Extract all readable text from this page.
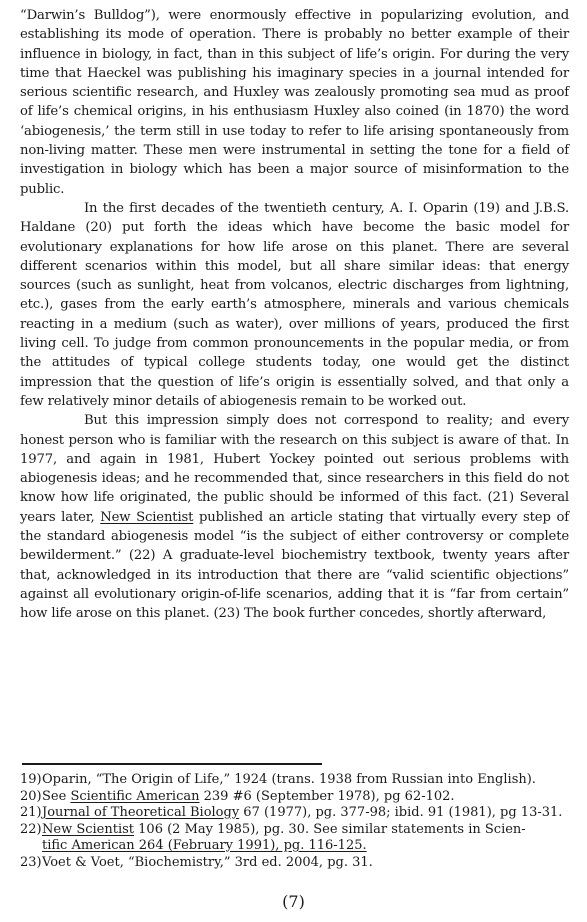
“Darwin’s Bulldog”), were enormously effective in popularizing evolution, and establishing its mode of operation. There is probably no better example of their influence in biology, in fact, than in this subject of life’s origin. For during the very time that Haeckel was publishing his imaginary species in a journal intended for serious scientific research, and Huxley was zealously promoting sea mud as proof of life’s chemical origins, in his enthusiasm Huxley also coined (in 1870) the word ‘abiogenesis,’ the term still in use today to refer to life arising spontaneously from non-living matter. These men were instrumental in setting the tone for a field of investigation in biology which has been a major source of misinformation to the public.

In the first decades of the twentieth century, A. I. Oparin (19) and J.B.S. Haldane (20) put forth the ideas which have become the basic model for evolutionary explanations for how life arose on this planet. There are several different scenarios within this model, but all share similar ideas: that energy sources (such as sunlight, heat from volcanos, electric discharges from lightning, etc.), gases from the early earth’s atmosphere, minerals and various chemicals reacting in a medium (such as water), over millions of years, produced the first living cell. To judge from common pronouncements in the popular media, or from the attitudes of typical college students today, one would get the distinct impression that the question of life’s origin is essentially solved, and that only a few relatively minor details of abiogenesis remain to be worked out.

But this impression simply does not correspond to reality; and every honest person who is familiar with the research on this subject is aware of that. In 1977, and again in 1981, Hubert Yockey pointed out serious problems with abiogenesis ideas; and he recommended that, since researchers in this field do not know how life originated, the public should be informed of this fact. (21) Several years later, New Scientist published an article stating that virtually every step of the standard abiogenesis model “is the subject of either controversy or complete bewilderment.” (22) A graduate-level biochemistry textbook, twenty years after that, acknowledged in its introduction that there are “valid scientific objections” against all evolutionary origin-of-life scenarios, adding that it is “far from certain” how life arose on this planet. (23) The book further concedes, shortly afterward,

19)Oparin, “The Origin of Life,” 1924 (trans. 1938 from Russian into English).

20)See Scientific American 239 #6 (September 1978), pg 62-102.

21)Journal of Theoretical Biology 67 (1977), pg. 377-98; ibid. 91 (1981), pg 13-31.

22)New Scientist 106 (2 May 1985), pg. 30. See similar statements in Scien-
tific American 264 (February 1991), pg. 116-125.

23)Voet & Voet, “Biochemistry,” 3rd ed. 2004, pg. 31.

(7)
